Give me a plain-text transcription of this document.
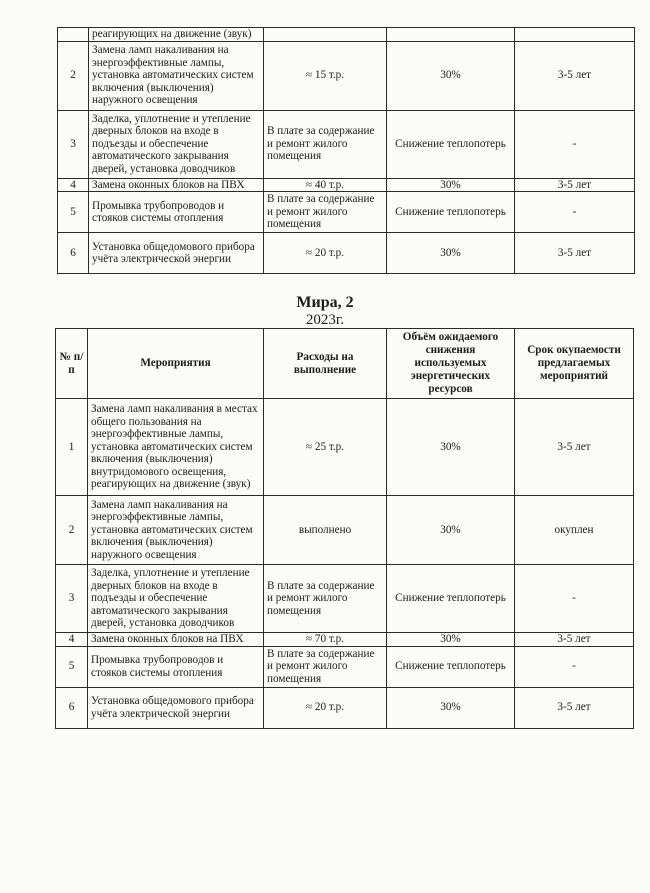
	реагирующих на движение (звук)			
2	Замена ламп накаливания на энергоэффективные лампы, установка автоматических систем включения (выключения) наружного освещения	≈ 15 т.р.	30%	3-5 лет
3	Заделка, уплотнение и утепление дверных блоков на входе в подъезды и обеспечение автоматического закрывания дверей, установка доводчиков	В плате за содержание и ремонт жилого помещения	Снижение теплопотерь	-
4	Замена оконных блоков на ПВХ	≈ 40 т.р.	30%	3-5 лет
5	Промывка трубопроводов и стояков системы отопления	В плате за содержание и ремонт жилого помещения	Снижение теплопотерь	-
6	Установка общедомового прибора учёта электрической энергии	≈ 20 т.р.	30%	3-5 лет
Мира, 2
2023г.
№ п/п	Мероприятия	Расходы на выполнение	Объём ожидаемого снижения используемых энергетических ресурсов	Срок окупаемости предлагаемых мероприятий
1	Замена ламп накаливания в местах общего пользования на энергоэффективные лампы, установка автоматических систем включения (выключения) внутридомового освещения, реагирующих на движение (звук)	≈ 25 т.р.	30%	3-5 лет
2	Замена ламп накаливания на энергоэффективные лампы, установка автоматических систем включения (выключения) наружного освещения	выполнено	30%	окуплен
3	Заделка, уплотнение и утепление дверных блоков на входе в подъезды и обеспечение автоматического закрывания дверей, установка доводчиков	В плате за содержание и ремонт жилого помещения	Снижение теплопотерь	-
4	Замена оконных блоков на ПВХ	≈ 70 т.р.	30%	3-5 лет
5	Промывка трубопроводов и стояков системы отопления	В плате за содержание и ремонт жилого помещения	Снижение теплопотерь	-
6	Установка общедомового прибора учёта электрической энергии	≈ 20 т.р.	30%	3-5 лет
